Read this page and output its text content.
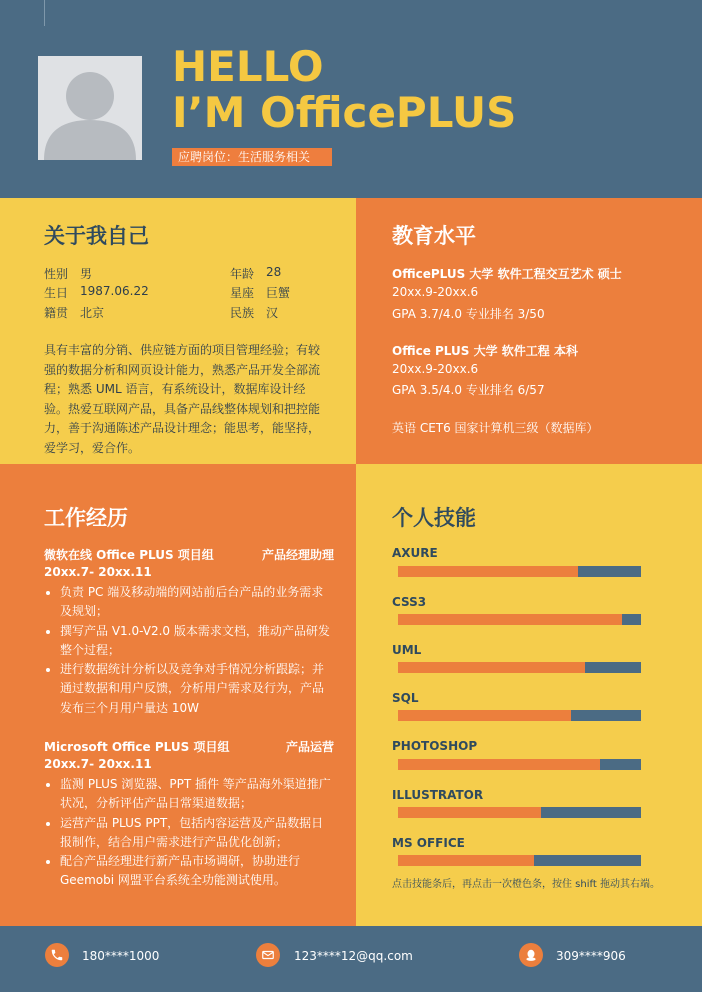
HELLO
I’M OfficePLUS
应聘岗位：生活服务相关
关于我自己	教育水平
工作经历	个人技能
性别 男	年龄 28
生日 1987.06.22	星座 巨蟹
籍贯 北京	民族 汉
具有丰富的分销、供应链方面的项目管理经验；有较强的数据分析和网页设计能力，熟悉产品开发全部流程；熟悉 UML 语言，有系统设计，数据库设计经验。热爱互联网产品，具备产品线整体规划和把控能力，善于沟通陈述产品设计理念；能思考，能坚持，爱学习，爱合作。
OfficePLUS 大学 软件工程交互艺术 硕士
20xx.9-20xx.6
GPA 3.7/4.0 专业排名 3/50
Office PLUS 大学 软件工程 本科
20xx.9-20xx.6
GPA 3.5/4.0 专业排名 6/57
英语 CET6 国家计算机三级（数据库）
微软在线 Office PLUS 项目组	产品经理助理
20xx.7- 20xx.11
• 负责 PC 端及移动端的网站前后台产品的业务需求及规划；
• 撰写产品 V1.0-V2.0 版本需求文档，推动产品研发整个过程；
• 进行数据统计分析以及竞争对手情况分析跟踪；并通过数据和用户反馈，分析用户需求及行为，产品发布三个月用户量达 10W
Microsoft Office PLUS 项目组	产品运营
20xx.7- 20xx.11
• 监测 PLUS 浏览器、PPT 插件 等产品海外渠道推广状况，分析评估产品日常渠道数据；
• 运营产品 PLUS PPT，包括内容运营及产品数据日报制作，结合用户需求进行产品优化创新；
• 配合产品经理进行新产品市场调研，协助进行 Geemobi 网盟平台系统全功能测试使用。
AXURE
CSS3
UML
SQL
PHOTOSHOP
ILLUSTRATOR
MS OFFICE
点击技能条后，再点击一次橙色条，按住 shift 拖动其右端。
180****1000	123****12@qq.com	309****906
